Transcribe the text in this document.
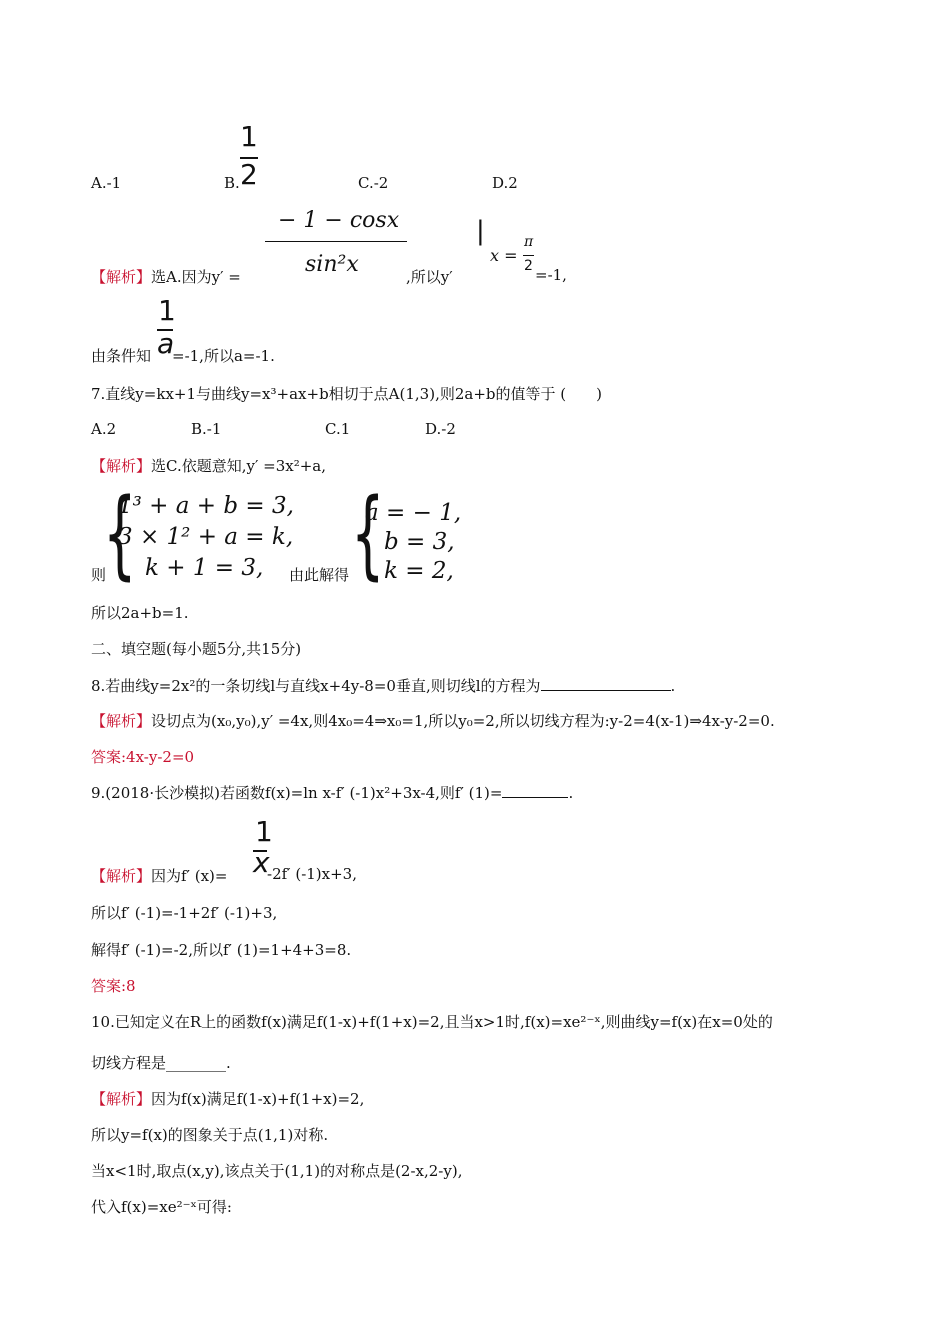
A.-1	B.
1
2	C.-2	D.2
【解析】选A.因为y′ =
− 1 − cosx
sin²x	,所以y′
|
x =
π
2 =-1,
1
a
由条件知 =-1,所以a=-1.
7.直线y=kx+1与曲线y=x³+ax+b相切于点A(1,3),则2a+b的值等于 (　　)
A.2	B.-1	C.1	D.-2
【解析】选C.依题意知,y′ =3x²+a,
则
{
1³ + a + b = 3,
3 × 1² + a = k,
k + 1 = 3,	由此解得 {
a = − 1,
b = 3,
k = 2,
所以2a+b=1.
二、填空题(每小题5分,共15分)
8.若曲线y=2x²的一条切线l与直线x+4y-8=0垂直,则切线l的方程为	.
【解析】设切点为(x₀,y₀),y′ =4x,则4x₀=4⇒x₀=1,所以y₀=2,所以切线方程为:y-2=4(x-1)⇒4x-y-2=0.
答案:4x-y-2=0
9.(2018·长沙模拟)若函数f(x)=ln x-f′ (-1)x²+3x-4,则f′ (1)=	.
1
x
【解析】因为f′ (x)=	-2f′ (-1)x+3,
所以f′ (-1)=-1+2f′ (-1)+3,
解得f′ (-1)=-2,所以f′ (1)=1+4+3=8.
答案:8
10.已知定义在R上的函数f(x)满足f(1-x)+f(1+x)=2,且当x>1时,f(x)=xe²⁻ˣ,则曲线y=f(x)在x=0处的
切线方程是________.
【解析】因为f(x)满足f(1-x)+f(1+x)=2,
所以y=f(x)的图象关于点(1,1)对称.
当x<1时,取点(x,y),该点关于(1,1)的对称点是(2-x,2-y),
代入f(x)=xe²⁻ˣ可得:
